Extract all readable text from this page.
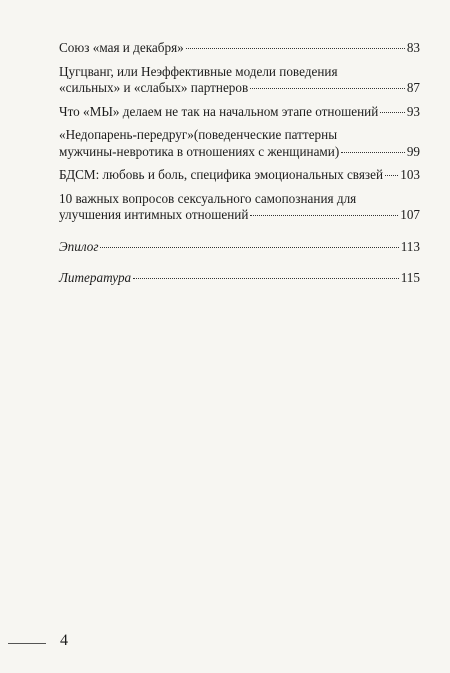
Союз «мая и декабря»	83
Цугцванг, или Неэффективные модели поведения
«сильных» и «слабых» партнеров	87
Что «МЫ» делаем не так на начальном этапе отношений 93
«Недопарень-передруг»(поведенческие паттерны
мужчины-невротика в отношениях с женщинами)	99
БДСМ: любовь и боль, специфика эмоциональных связей 103
10 важных вопросов сексуального самопознания для
улучшения интимных отношений	107
Эпилог	113
Литература	115
4
